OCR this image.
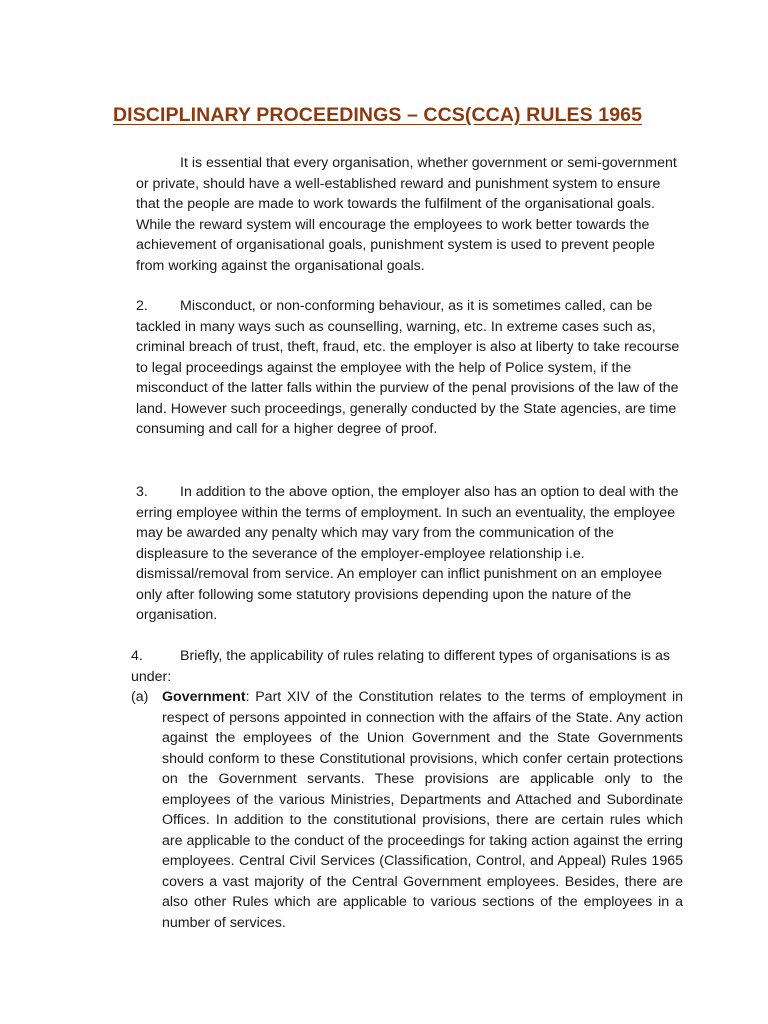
DISCIPLINARY PROCEEDINGS – CCS(CCA) RULES 1965

It is essential that every organisation, whether government or semi-government or private, should have a well-established reward and punishment system to ensure that the people are made to work towards the fulfilment of the organisational goals. While the reward system will encourage the employees to work better towards the achievement of organisational goals, punishment system is used to prevent people from working against the organisational goals.

2. Misconduct, or non-conforming behaviour, as it is sometimes called, can be tackled in many ways such as counselling, warning, etc. In extreme cases such as, criminal breach of trust, theft, fraud, etc. the employer is also at liberty to take recourse to legal proceedings against the employee with the help of Police system, if the misconduct of the latter falls within the purview of the penal provisions of the law of the land. However such proceedings, generally conducted by the State agencies, are time consuming and call for a higher degree of proof.

3. In addition to the above option, the employer also has an option to deal with the erring employee within the terms of employment. In such an eventuality, the employee may be awarded any penalty which may vary from the communication of the displeasure to the severance of the employer-employee relationship i.e. dismissal/removal from service. An employer can inflict punishment on an employee only after following some statutory provisions depending upon the nature of the organisation.

4.	Briefly, the applicability of rules relating to different types of organisations is as under:

(a) Government: Part XIV of the Constitution relates to the terms of employment in respect of persons appointed in connection with the affairs of the State. Any action against the employees of the Union Government and the State Governments should conform to these Constitutional provisions, which confer certain protections on the Government servants. These provisions are applicable only to the employees of the various Ministries, Departments and Attached and Subordinate Offices. In addition to the constitutional provisions, there are certain rules which are applicable to the conduct of the proceedings for taking action against the erring employees. Central Civil Services (Classification, Control, and Appeal) Rules 1965 covers a vast majority of the Central Government employees. Besides, there are also other Rules which are applicable to various sections of the employees in a number of services.
